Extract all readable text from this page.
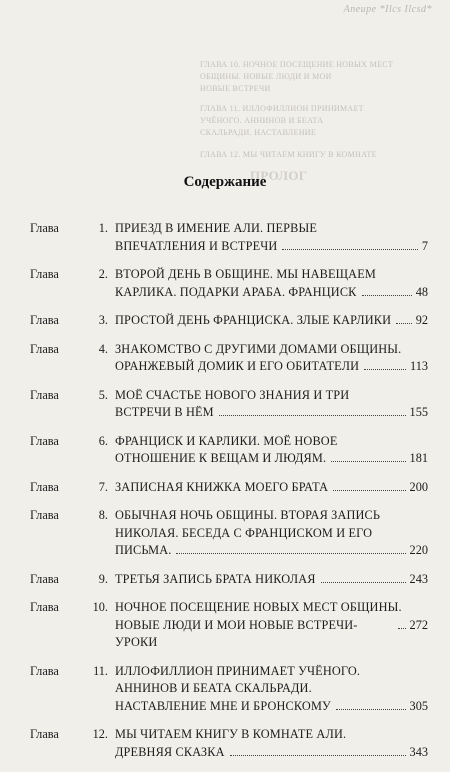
Aneupe *Ilcs Ilcsd*
ГЛАВА 10. НОЧНОЕ ПОСЕЩЕНИЕ НОВЫХ МЕСТ
ОБЩИНЫ. НОВЫЕ ЛЮДИ И МОИ
НОВЫЕ ВСТРЕЧИ
ГЛАВА 11. ИЛЛОФИЛЛИОН ПРИНИМАЕТ
УЧЁНОГО. АННИНОВ И БЕАТА
СКАЛЬРАДИ. НАСТАВЛЕНИЕ
ГЛАВА 12. МЫ ЧИТАЕМ КНИГУ В КОМНАТЕ
ПРОЛОГ
Содержание
Глава	1. ПРИЕЗД В ИМЕНИЕ АЛИ. ПЕРВЫЕ
ВПЕЧАТЛЕНИЯ И ВСТРЕЧИ	7
Глава	2. ВТОРОЙ ДЕНЬ В ОБЩИНЕ. МЫ НАВЕЩАЕМ
КАРЛИКА. ПОДАРКИ АРАБА. ФРАНЦИСК	48
Глава	3. ПРОСТОЙ ДЕНЬ ФРАНЦИСКА. ЗЛЫЕ КАРЛИКИ 92
Глава	4. ЗНАКОМСТВО С ДРУГИМИ ДОМАМИ ОБЩИНЫ.
ОРАНЖЕВЫЙ ДОМИК И ЕГО ОБИТАТЕЛИ	113
Глава	5. МОЁ СЧАСТЬЕ НОВОГО ЗНАНИЯ И ТРИ
ВСТРЕЧИ В НЁМ	155
Глава	6. ФРАНЦИСК И КАРЛИКИ. МОЁ НОВОЕ
ОТНОШЕНИЕ К ВЕЩАМ И ЛЮДЯМ.	181
Глава	7. ЗАПИСНАЯ КНИЖКА МОЕГО БРАТА	200
Глава	8. ОБЫЧНАЯ НОЧЬ ОБЩИНЫ. ВТОРАЯ ЗАПИСЬ
НИКОЛАЯ. БЕСЕДА С ФРАНЦИСКОМ И ЕГО
ПИСЬМА.	220
Глава	9. ТРЕТЬЯ ЗАПИСЬ БРАТА НИКОЛАЯ	243
Глава	10. НОЧНОЕ ПОСЕЩЕНИЕ НОВЫХ МЕСТ ОБЩИНЫ.
НОВЫЕ ЛЮДИ И МОИ НОВЫЕ ВСТРЕЧИ-УРОКИ
272
Глава	11. ИЛЛОФИЛЛИОН ПРИНИМАЕТ УЧЁНОГО.
АННИНОВ И БЕАТА СКАЛЬРАДИ.
НАСТАВЛЕНИЕ МНЕ И БРОНСКОМУ	305
Глава	12. МЫ ЧИТАЕМ КНИГУ В КОМНАТЕ АЛИ.
ДРЕВНЯЯ СКАЗКА	343
